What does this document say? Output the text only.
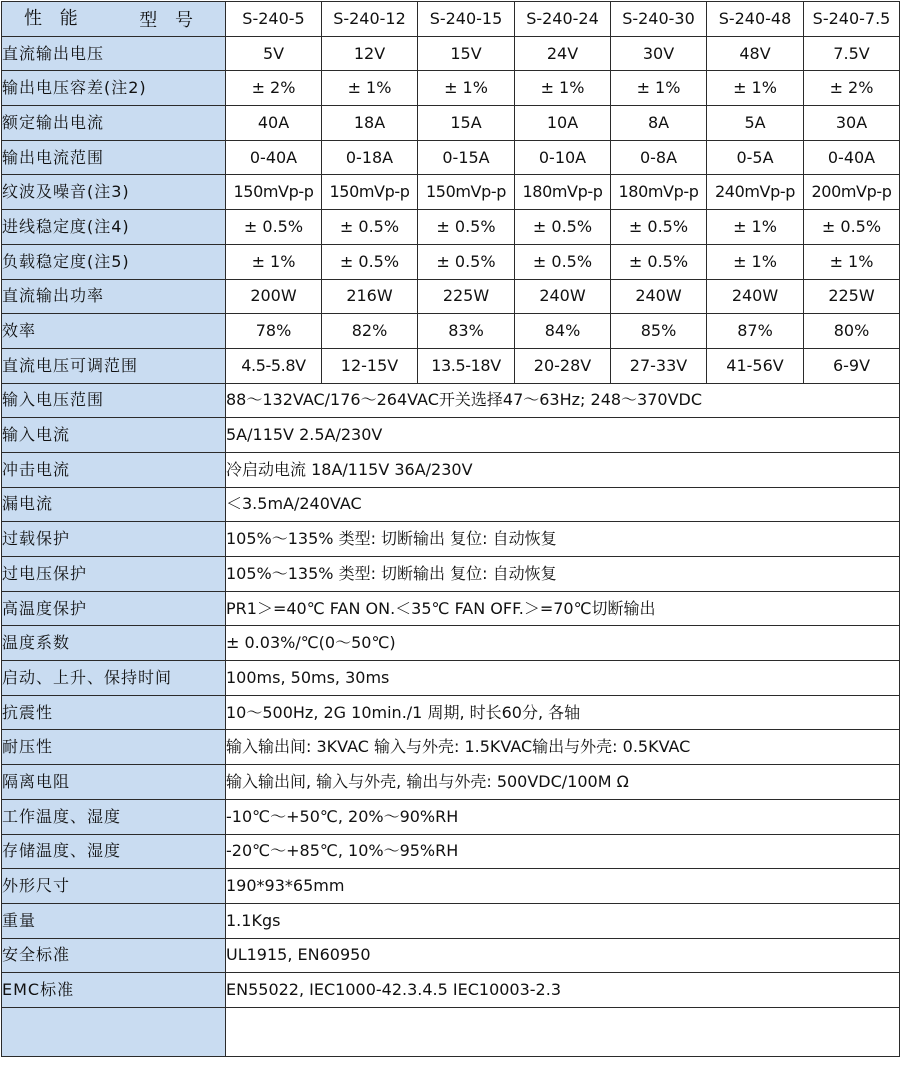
型 号
性 能	S-240-5	S-240-12	S-240-15	S-240-24	S-240-30	S-240-48	S-240-7.5
直流输出电压	5V	12V	15V	24V	30V	48V	7.5V
输出电压容差(注2)	± 2%	± 1%	± 1%	± 1%	± 1%	± 1%	± 2%
额定输出电流	40A	18A	15A	10A	8A	5A	30A
输出电流范围	0-40A	0-18A	0-15A	0-10A	0-8A	0-5A	0-40A
纹波及噪音(注3)	150mVp-p	150mVp-p	150mVp-p	180mVp-p	180mVp-p	240mVp-p	200mVp-p
进线稳定度(注4)	± 0.5%	± 0.5%	± 0.5%	± 0.5%	± 0.5%	± 1%	± 0.5%
负载稳定度(注5)	± 1%	± 0.5%	± 0.5%	± 0.5%	± 0.5%	± 1%	± 1%
直流输出功率	200W	216W	225W	240W	240W	240W	225W
效率	78%	82%	83%	84%	85%	87%	80%
直流电压可调范围	4.5-5.8V	12-15V	13.5-18V	20-28V	27-33V	41-56V	6-9V
输入电压范围	88～132VAC/176～264VAC开关选择47～63Hz; 248～370VDC						
输入电流	5A/115V 2.5A/230V						
冲击电流	冷启动电流 18A/115V 36A/230V						
漏电流	＜3.5mA/240VAC						
过载保护	105%～135% 类型: 切断输出 复位: 自动恢复						
过电压保护	105%～135% 类型: 切断输出 复位: 自动恢复						
高温度保护	PR1＞=40℃ FAN ON.＜35℃ FAN OFF.＞=70℃切断输出						
温度系数	± 0.03%/℃(0～50℃)						
启动、上升、保持时间	100ms, 50ms, 30ms						
抗震性	10～500Hz, 2G 10min./1 周期, 时长60分, 各轴						
耐压性	输入输出间: 3KVAC 输入与外壳: 1.5KVAC输出与外壳: 0.5KVAC						
隔离电阻	输入输出间, 输入与外壳, 输出与外壳: 500VDC/100M Ω						
工作温度、湿度	-10℃～+50℃, 20%～90%RH						
存储温度、湿度	-20℃～+85℃, 10%～95%RH						
外形尺寸	190*93*65mm						
重量	1.1Kgs						
安全标准	UL1915, EN60950						
EMC标准	EN55022, IEC1000-42.3.4.5 IEC10003-2.3						
